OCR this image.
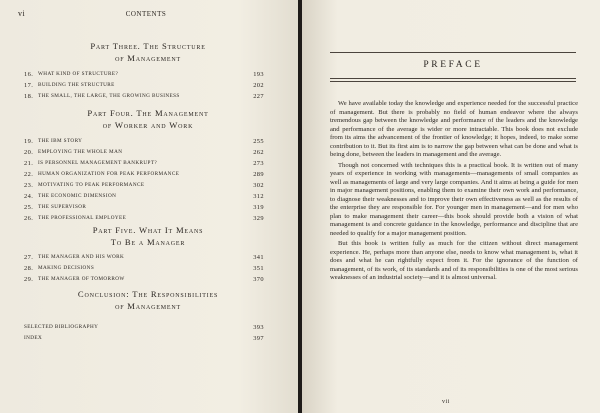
vi	CONTENTS
Part Three. The Structure
of Management
16. WHAT KIND OF STRUCTURE?	193
17. BUILDING THE STRUCTURE	202
18. THE SMALL, THE LARGE, THE GROWING BUSINESS	227
Part Four. The Management
of Worker and Work
19. THE IBM STORY	255
20. EMPLOYING THE WHOLE MAN	262
21. IS PERSONNEL MANAGEMENT BANKRUPT?	273
22. HUMAN ORGANIZATION FOR PEAK PERFORMANCE	289
23. MOTIVATING TO PEAK PERFORMANCE	302
24. THE ECONOMIC DIMENSION	312
25. THE SUPERVISOR	319
26. THE PROFESSIONAL EMPLOYEE	329
Part Five. What It Means
To Be a Manager
27. THE MANAGER AND HIS WORK	341
28. MAKING DECISIONS	351
29. THE MANAGER OF TOMORROW	370
Conclusion: The Responsibilities
of Management
SELECTED BIBLIOGRAPHY	393
INDEX	397
PREFACE

We have available today the knowledge and experience needed for the successful practice of management. But there is probably no field of human endeavor where the always tremendous gap between the knowledge and performance of the leaders and the knowledge and performance of the average is wider or more intractable. This book does not exclude from its aims the advancement of the frontier of knowledge; it hopes, indeed, to make some contribution to it. But its first aim is to narrow the gap between what can be done and what is being done, between the leaders in management and the average.

Though not concerned with techniques this is a practical book. It is written out of many years of experience in working with managements—managements of small companies as well as managements of large and very large companies. And it aims at being a guide for men in major management positions, enabling them to examine their own work and performance, to diagnose their weaknesses and to improve their own effectiveness as well as the results of the enterprise they are responsible for. For younger men in management—and for men who plan to make management their career—this book should provide both a vision of what management is and concrete guidance in the knowledge, performance and discipline that are needed to qualify for a major management position.

But this book is written fully as much for the citizen without direct management experience. He, perhaps more than anyone else, needs to know what management is, what it does and what he can rightfully expect from it. For the ignorance of the function of management, of its work, of its standards and of its responsibilities is one of the most serious weaknesses of an industrial society—and it is almost universal.

vii
